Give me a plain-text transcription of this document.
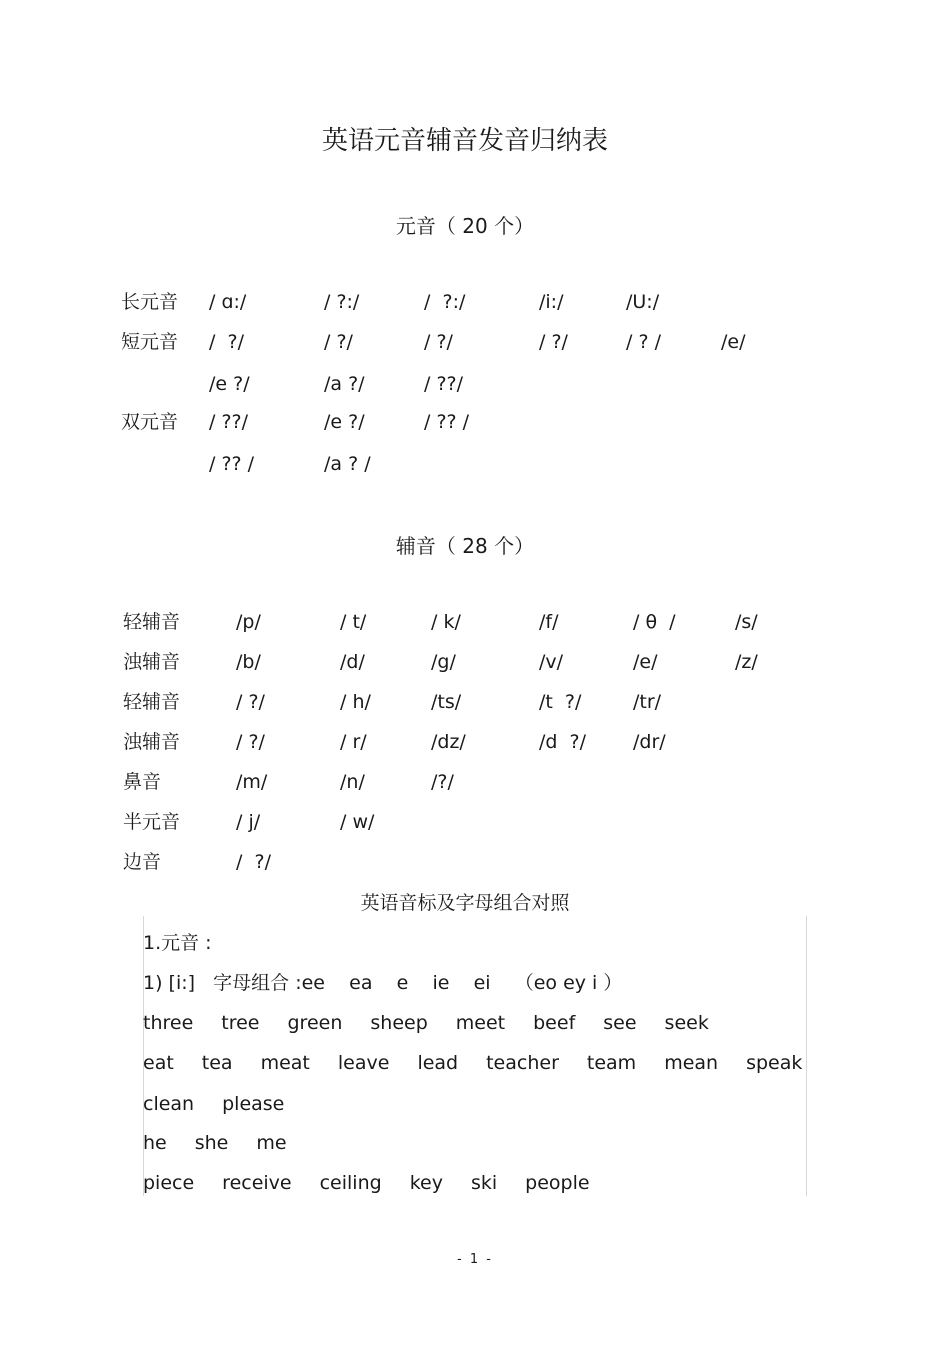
英语元音辅音发音归纳表
元音（ 20 个）
长元音 / ɑ:/	/ ?:/	/  ?:/	/i:/	/U:/
短元音 /  ?/	/ ?/	/ ?/	/ ?/	/ ? /	/e/
/e ?/	/a ?/	/ ??/
双元音 / ??/	/e ?/	/ ?? /
/ ?? /	/a ? /
辅音（ 28 个）
轻辅音	/p/	/ t/	/ k/	/f/	/ θ  /	/s/
浊辅音	/b/	/d/	/g/	/v/	/e/	/z/
轻辅音	/ ?/	/ h/	/ts/	/t  ?/	/tr/
浊辅音	/ ?/	/ r/	/dz/	/d  ?/ /dr/
鼻音	/m/	/n/	/?/
半元音	/ j/	/ w/
边音	/  ?/
英语音标及字母组合对照
1.元音 :
1) [i:]   字母组合 :ee    ea    e    ie    ei    （eo ey i ）
three tree green sheep meet beef see seek
eat tea meat leave lead teacher team mean speak
clean please
he she me
piece receive ceiling key ski people
- 1 -
